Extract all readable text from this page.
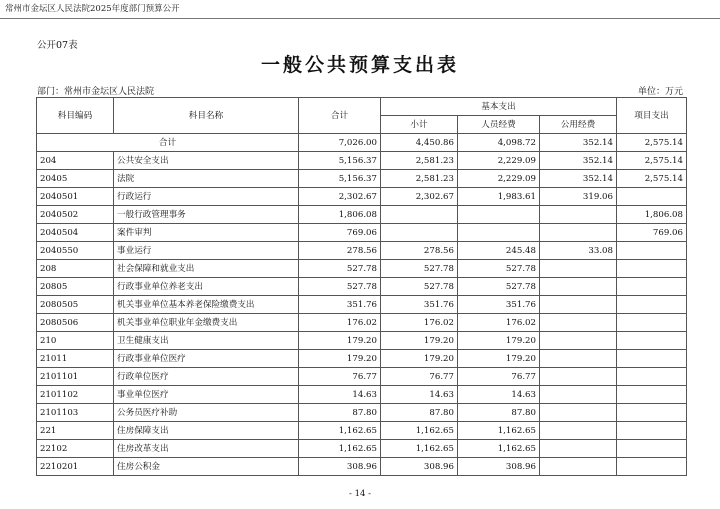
常州市金坛区人民法院2025年度部门预算公开
公开07表
一般公共预算支出表
部门：常州市金坛区人民法院	单位：万元
科目编码	科目名称	合计	基本支出			项目支出
			小计	人员经费	公用经费	
合计		7,026.00	4,450.86	4,098.72	352.14	2,575.14
204	公共安全支出	5,156.37	2,581.23	2,229.09	352.14	2,575.14
20405	法院	5,156.37	2,581.23	2,229.09	352.14	2,575.14
2040501	行政运行	2,302.67	2,302.67	1,983.61	319.06	
2040502	一般行政管理事务	1,806.08				1,806.08
2040504	案件审判	769.06				769.06
2040550	事业运行	278.56	278.56	245.48	33.08	
208	社会保障和就业支出	527.78	527.78	527.78		
20805	行政事业单位养老支出	527.78	527.78	527.78		
2080505	机关事业单位基本养老保险缴费支出	351.76	351.76	351.76		
2080506	机关事业单位职业年金缴费支出	176.02	176.02	176.02		
210	卫生健康支出	179.20	179.20	179.20		
21011	行政事业单位医疗	179.20	179.20	179.20		
2101101	行政单位医疗	76.77	76.77	76.77		
2101102	事业单位医疗	14.63	14.63	14.63		
2101103	公务员医疗补助	87.80	87.80	87.80		
221	住房保障支出	1,162.65	1,162.65	1,162.65		
22102	住房改革支出	1,162.65	1,162.65	1,162.65		
2210201	住房公积金	308.96	308.96	308.96		
- 14 -
